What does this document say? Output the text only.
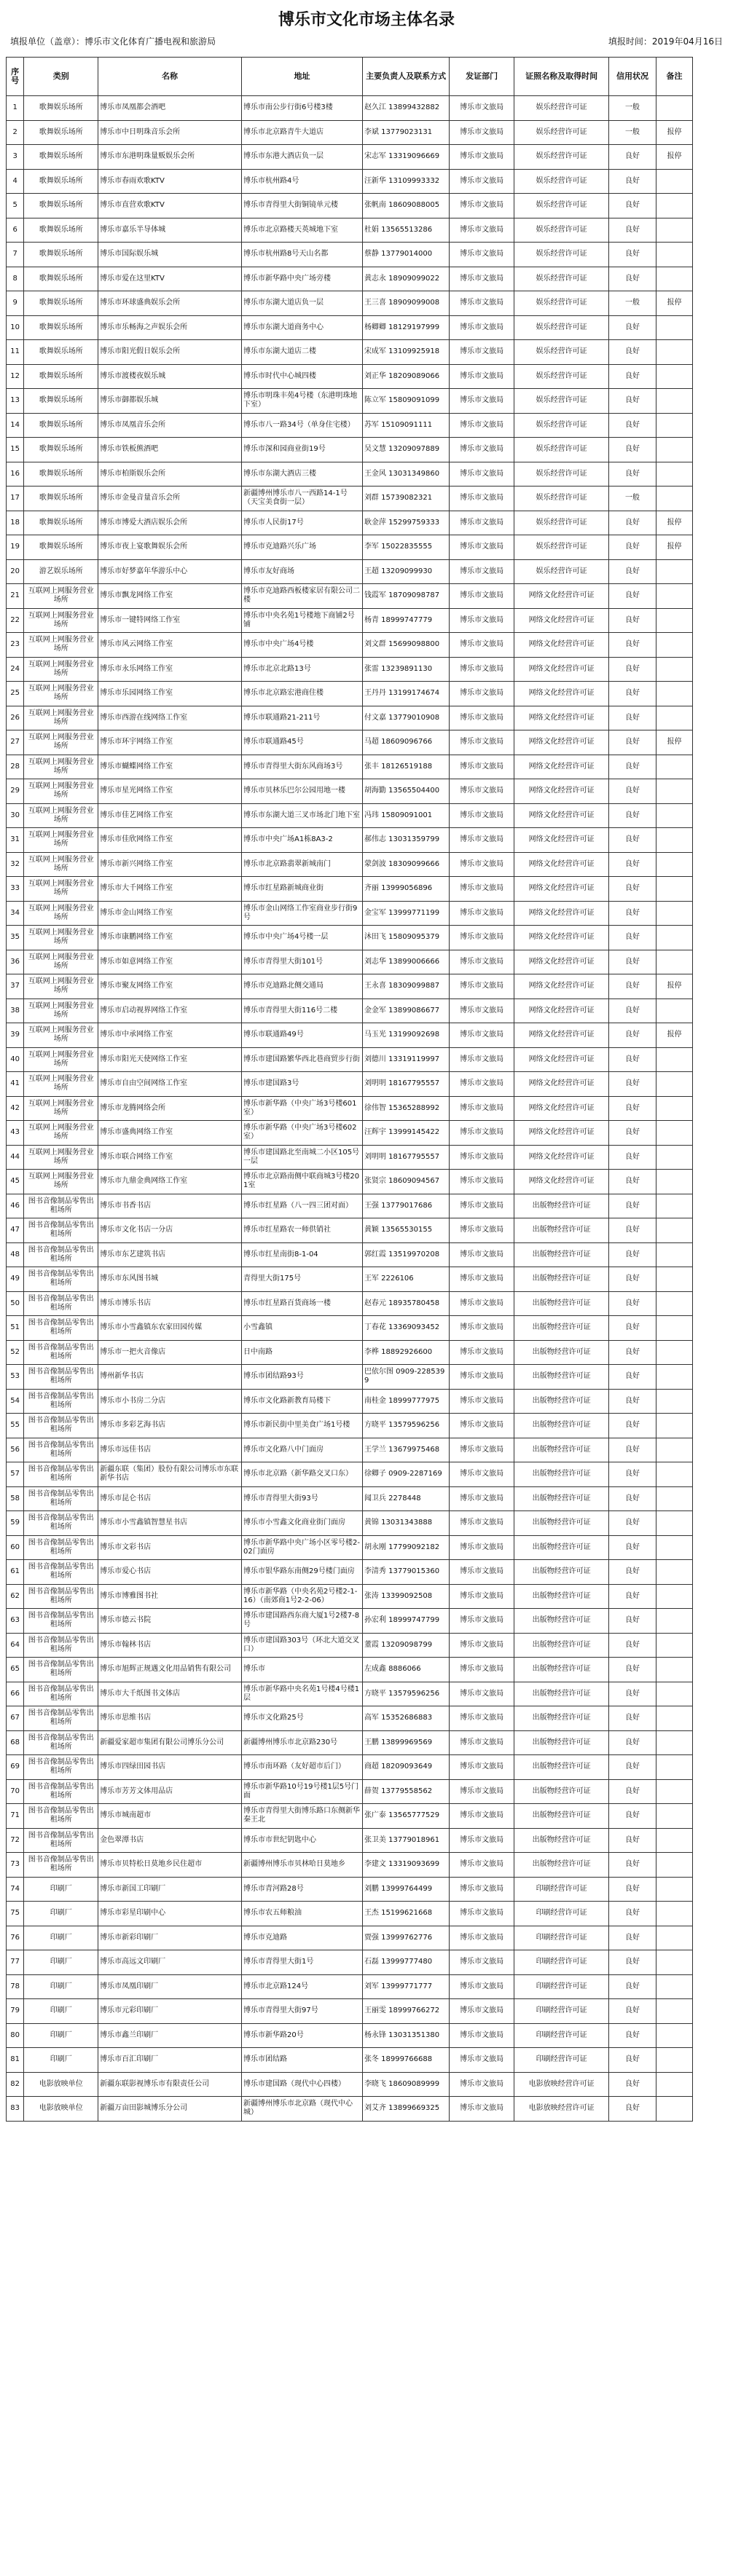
博乐市文化市场主体名录
填报单位（盖章）：博乐市文化体育广播电视和旅游局	填报时间：2019年04月16日
序号	类别	名称	地址	主要负责人及联系方式	发证部门	证照名称及取得时间	信用状况	备注
1	歌舞娱乐场所	博乐市凤凰都会酒吧	博乐市南公步行街6号楼3楼	赵久江 13899432882	博乐市文旅局	娱乐经营许可证	一般	
2	歌舞娱乐场所	博乐市中日明珠音乐会所	博乐市北京路青牛大道店	李斌 13779023131	博乐市文旅局	娱乐经营许可证	一般	报停
3	歌舞娱乐场所	博乐市东港明珠量贩娱乐会所	博乐市东港大酒店负一层	宋志军 13319096669	博乐市文旅局	娱乐经营许可证	良好	报停
4	歌舞娱乐场所	博乐市春雨欢歌KTV	博乐市杭州路4号	汪新华 13109993332	博乐市文旅局	娱乐经营许可证	良好	
5	歌舞娱乐场所	博乐市直营欢歌KTV	博乐市青得里大街铜镜单元楼	张帆南 18609088005	博乐市文旅局	娱乐经营许可证	良好	
6	歌舞娱乐场所	博乐市嘉乐半导体城	博乐市北京路楼天英城地下室	杜娟 13565513286	博乐市文旅局	娱乐经营许可证	良好	
7	歌舞娱乐场所	博乐市国际娱乐城	博乐市杭州路8号天山名都	蔡静 13779014000	博乐市文旅局	娱乐经营许可证	良好	
8	歌舞娱乐场所	博乐市爱在这里KTV	博乐市新华路中央广场旁楼	黄志永 18909099022	博乐市文旅局	娱乐经营许可证	良好	
9	歌舞娱乐场所	博乐市环球盛典娱乐会所	博乐市东湖大道店负一层	王三喜 18909099008	博乐市文旅局	娱乐经营许可证	一般	报停
10	歌舞娱乐场所	博乐市乐畅海之声娱乐会所	博乐市东湖大道商务中心	杨卿卿 18129197999	博乐市文旅局	娱乐经营许可证	良好	
11	歌舞娱乐场所	博乐市阳光假日娱乐会所	博乐市东湖大道店二楼	宋成军 13109925918	博乐市文旅局	娱乐经营许可证	良好	
12	歌舞娱乐场所	博乐市渡楼夜娱乐城	博乐市时代中心城四楼	刘正华 18209089066	博乐市文旅局	娱乐经营许可证	良好	
13	歌舞娱乐场所	博乐市御都娱乐城	博乐市明珠丰苑4号楼（东港明珠地下室）	陈立军 15809091099	博乐市文旅局	娱乐经营许可证	良好	
14	歌舞娱乐场所	博乐市凤凰音乐会所	博乐市八一路34号（单身住宅楼）	苏军 15109091111	博乐市文旅局	娱乐经营许可证	良好	
15	歌舞娱乐场所	博乐市铁板熊酒吧	博乐市深和园商业街19号	吴文慧 13209097889	博乐市文旅局	娱乐经营许可证	良好	
16	歌舞娱乐场所	博乐市柏斯娱乐会所	博乐市东湖大酒店三楼	王金风 13031349860	博乐市文旅局	娱乐经营许可证	良好	
17	歌舞娱乐场所	博乐市金曼音量音乐会所	新疆博州博乐市八一西路14-1号（天宝美食街一层）	刘群 15739082321	博乐市文旅局	娱乐经营许可证	一般	
18	歌舞娱乐场所	博乐市博爱大酒店娱乐会所	博乐市人民街17号	耿金萍 15299759333	博乐市文旅局	娱乐经营许可证	良好	报停
19	歌舞娱乐场所	博乐市夜上宴歌舞娱乐会所	博乐市克迪路兴乐广场	李军 15022835555	博乐市文旅局	娱乐经营许可证	良好	报停
20	游艺娱乐场所	博乐市好梦嘉年华游乐中心	博乐市友好商场	王超 13209099930	博乐市文旅局	娱乐经营许可证	良好	
21	互联网上网服务营业场所	博乐市飘龙网络工作室	博乐市克迪路西板楼家居有限公司二楼	钱霞军 18709098787	博乐市文旅局	网络文化经营许可证	良好	
22	互联网上网服务营业场所	博乐市一键特网络工作室	博乐市中央名苑1号楼地下商铺2号铺	杨青 18999747779	博乐市文旅局	网络文化经营许可证	良好	
23	互联网上网服务营业场所	博乐市风云网络工作室	博乐市中央广场4号楼	刘文群 15699098800	博乐市文旅局	网络文化经营许可证	良好	
24	互联网上网服务营业场所	博乐市永乐网络工作室	博乐市北京北路13号	张雷 13239891130	博乐市文旅局	网络文化经营许可证	良好	
25	互联网上网服务营业场所	博乐市乐园网络工作室	博乐市北京路宏港商住楼	王丹丹 13199174674	博乐市文旅局	网络文化经营许可证	良好	
26	互联网上网服务营业场所	博乐市西游在线网络工作室	博乐市联通路21-211号	付文嘉 13779010908	博乐市文旅局	网络文化经营许可证	良好	
27	互联网上网服务营业场所	博乐市环宇网络工作室	博乐市联通路45号	马超 18609096766	博乐市文旅局	网络文化经营许可证	良好	报停
28	互联网上网服务营业场所	博乐市蝴蝶网络工作室	博乐市青得里大街东风商场3号	张丰 18126519188	博乐市文旅局	网络文化经营许可证	良好	
29	互联网上网服务营业场所	博乐市星光网络工作室	博乐市贝林乐巴尔公园用地一楼	胡海勤 13565504400	博乐市文旅局	网络文化经营许可证	良好	
30	互联网上网服务营业场所	博乐市佳艺网络工作室	博乐市东湖大道三叉市场北门地下室	冯玮 15809091001	博乐市文旅局	网络文化经营许可证	良好	
31	互联网上网服务营业场所	博乐市佳欣网络工作室	博乐市中央广场A1栋8A3-2	郝伟志 13031359799	博乐市文旅局	网络文化经营许可证	良好	
32	互联网上网服务营业场所	博乐市新兴网络工作室	博乐市北京路翡翠新城南门	蒙剑波 18309099666	博乐市文旅局	网络文化经营许可证	良好	
33	互联网上网服务营业场所	博乐市大千网络工作室	博乐市红星路新城商业街	齐丽 13999056896	博乐市文旅局	网络文化经营许可证	良好	
34	互联网上网服务营业场所	博乐市金山网络工作室	博乐市金山网络工作室商业步行街9号	金宝军 13999771199	博乐市文旅局	网络文化经营许可证	良好	
35	互联网上网服务营业场所	博乐市康鹏网络工作室	博乐市中央广场4号楼一层	沐田飞 15809095379	博乐市文旅局	网络文化经营许可证	良好	
36	互联网上网服务营业场所	博乐市如意网络工作室	博乐市青得里大街101号	刘志华 13899006666	博乐市文旅局	网络文化经营许可证	良好	
37	互联网上网服务营业场所	博乐市聚友网络工作室	博乐市克迪路北侧交通局	王永喜 18309099887	博乐市文旅局	网络文化经营许可证	良好	报停
38	互联网上网服务营业场所	博乐市启动视界网络工作室	博乐市青得里大街116号二楼	金金军 13899086677	博乐市文旅局	网络文化经营许可证	良好	
39	互联网上网服务营业场所	博乐市中承网络工作室	博乐市联通路49号	马玉光 13199092698	博乐市文旅局	网络文化经营许可证	良好	报停
40	互联网上网服务营业场所	博乐市阳光天使网络工作室	博乐市建国路繁华西北巷商贸步行街	刘德川 13319119997	博乐市文旅局	网络文化经营许可证	良好	
41	互联网上网服务营业场所	博乐市自由空间网络工作室	博乐市建国路3号	刘明明 18167795557	博乐市文旅局	网络文化经营许可证	良好	
42	互联网上网服务营业场所	博乐市龙腾网络会所	博乐市新华路（中央广场3号楼601室）	徐伟智 15365288992	博乐市文旅局	网络文化经营许可证	良好	
43	互联网上网服务营业场所	博乐市盛典网络工作室	博乐市新华路（中央广场3号楼602室）	汪辉宇 13999145422	博乐市文旅局	网络文化经营许可证	良好	
44	互联网上网服务营业场所	博乐市联合网络工作室	博乐市建国路北至南城二小区105号一层	刘明明 18167795557	博乐市文旅局	网络文化经营许可证	良好	
45	互联网上网服务营业场所	博乐市九鼎金典网络工作室	博乐市北京路南侧中联商城3号楼201室	张贤宗 18609094567	博乐市文旅局	网络文化经营许可证	良好	
46	图书音像制品零售出租场所	博乐市书香书店	博乐市红星路（八一四三团对面）	王强 13779017686	博乐市文旅局	出版物经营许可证	良好	
47	图书音像制品零售出租场所	博乐市文化书店一分店	博乐市红星路农一师供销社	黄颖 13565530155	博乐市文旅局	出版物经营许可证	良好	
48	图书音像制品零售出租场所	博乐市东艺建筑书店	博乐市红星南街8-1-04	郭红霞 13519970208	博乐市文旅局	出版物经营许可证	良好	
49	图书音像制品零售出租场所	博乐市东风图书城	青得里大街175号	王军 2226106	博乐市文旅局	出版物经营许可证	良好	
50	图书音像制品零售出租场所	博乐市博乐书店	博乐市红星路百货商场一楼	赵春元 18935780458	博乐市文旅局	出版物经营许可证	良好	
51	图书音像制品零售出租场所	博乐市小雪鑫镇东农家田园传媒	小雪鑫镇	丁春花 13369093452	博乐市文旅局	出版物经营许可证	良好	
52	图书音像制品零售出租场所	博乐市一把火音像店	日中南路	李桦 18892926600	博乐市文旅局	出版物经营许可证	良好	
53	图书音像制品零售出租场所	博州新华书店	博乐市团结路93号	巴依尔图 0909-2285399	博乐市文旅局	出版物经营许可证	良好	
54	图书音像制品零售出租场所	博乐市小书房二分店	博乐市文化路新教育局楼下	南桂金 18999777975	博乐市文旅局	出版物经营许可证	良好	
55	图书音像制品零售出租场所	博乐市多彩艺海书店	博乐市新民街中里美食广场1号楼	方晓平 13579596256	博乐市文旅局	出版物经营许可证	良好	
56	图书音像制品零售出租场所	博乐市远佳书店	博乐市文化路八中门面房	王学兰 13679975468	博乐市文旅局	出版物经营许可证	良好	
57	图书音像制品零售出租场所	新疆东联（集团）股份有限公司博乐市东联新华书店	博乐市北京路（新华路交叉口东）	徐卿子 0909-2287169	博乐市文旅局	出版物经营许可证	良好	
58	图书音像制品零售出租场所	博乐市昆仑书店	博乐市青得里大街93号	闻卫兵 2278448	博乐市文旅局	出版物经营许可证	良好	
59	图书音像制品零售出租场所	博乐市小雪鑫镇智慧星书店	博乐市小雪鑫文化商业街门面房	黄锦 13031343888	博乐市文旅局	出版物经营许可证	良好	
60	图书音像制品零售出租场所	博乐市文彩书店	博乐市新华路中央广场小区零号楼2-02门面房	胡永刚 17799092182	博乐市文旅局	出版物经营许可证	良好	
61	图书音像制品零售出租场所	博乐市爱心书店	博乐市银华路东南侧29号楼门面房	李清秀 13779015360	博乐市文旅局	出版物经营许可证	良好	
62	图书音像制品零售出租场所	博乐市博雅图书社	博乐市新华路（中央名苑2号楼2-1-16）（南郊商1号2-2-06）	张涛 13399092508	博乐市文旅局	出版物经营许可证	良好	
63	图书音像制品零售出租场所	博乐市德云书院	博乐市建国路西东商大厦1号2楼7-8号	孙宏利 18999747799	博乐市文旅局	出版物经营许可证	良好	
64	图书音像制品零售出租场所	博乐市翰林书店	博乐市建国路303号（环北大道交叉口）	董霞 13209098799	博乐市文旅局	出版物经营许可证	良好	
65	图书音像制品零售出租场所	博乐市旭辉正规遇文化用品销售有限公司	博乐市	左成鑫 8886066	博乐市文旅局	出版物经营许可证	良好	
66	图书音像制品零售出租场所	博乐市大千纸图书文体店	博乐市新华路中央名苑1号楼4号楼1层	方晓平 13579596256	博乐市文旅局	出版物经营许可证	良好	
67	图书音像制品零售出租场所	博乐市思维书店	博乐市文化路25号	高军 15352686883	博乐市文旅局	出版物经营许可证	良好	
68	图书音像制品零售出租场所	新疆爱家超市集团有限公司博乐分公司	新疆博州博乐市北京路230号	王鹏 13899969569	博乐市文旅局	出版物经营许可证	良好	
69	图书音像制品零售出租场所	博乐市四绿田园书店	博乐市南环路（友好超市后门）	商超 18209093649	博乐市文旅局	出版物经营许可证	良好	
70	图书音像制品零售出租场所	博乐市芳芳文体用品店	博乐市新华路10号19号楼1层5号门面	薛贺 13779558562	博乐市文旅局	出版物经营许可证	良好	
71	图书音像制品零售出租场所	博乐市城南超市	博乐市青得里大街博乐路口东侧新华秦王北	张广泰 13565777529	博乐市文旅局	出版物经营许可证	良好	
72	图书音像制品零售出租场所	金色翠潭书店	博乐市市世纪钥匙中心	张卫美 13779018961	博乐市文旅局	出版物经营许可证	良好	
73	图书音像制品零售出租场所	博乐市贝特松日莫地乡民住超市	新疆博州博乐市贝林哈日莫地乡	李建文 13319093699	博乐市文旅局	出版物经营许可证	良好	
74	印刷厂	博乐市新国工印刷厂	博乐市青河路28号	刘鹏 13999764499	博乐市文旅局	印刷经营许可证	良好	
75	印刷厂	博乐市彩星印刷中心	博乐市农五师粮油	王杰 15199621668	博乐市文旅局	印刷经营许可证	良好	
76	印刷厂	博乐市新彩印刷厂	博乐市克迪路	贾强 13999762776	博乐市文旅局	印刷经营许可证	良好	
77	印刷厂	博乐市高远文印刷厂	博乐市青得里大街1号	石磊 13999777480	博乐市文旅局	印刷经营许可证	良好	
78	印刷厂	博乐市凤凰印刷厂	博乐市北京路124号	刘军 13999771777	博乐市文旅局	印刷经营许可证	良好	
79	印刷厂	博乐市元彩印刷厂	博乐市青得里大街97号	王丽雯 18999766272	博乐市文旅局	印刷经营许可证	良好	
80	印刷厂	博乐市鑫兰印刷厂	博乐市新华路20号	杨永锋 13031351380	博乐市文旅局	印刷经营许可证	良好	
81	印刷厂	博乐市百汇印刷厂	博乐市团结路	张冬 18999766688	博乐市文旅局	印刷经营许可证	良好	
82	电影放映单位	新疆东联影视博乐市有限责任公司	博乐市建国路（现代中心四楼）	李晓飞 18609089999	博乐市文旅局	电影放映经营许可证	良好	
83	电影放映单位	新疆万亩田影城博乐分公司	新疆博州博乐市北京路（现代中心城）	刘艾齐 13899669325	博乐市文旅局	电影放映经营许可证	良好	
